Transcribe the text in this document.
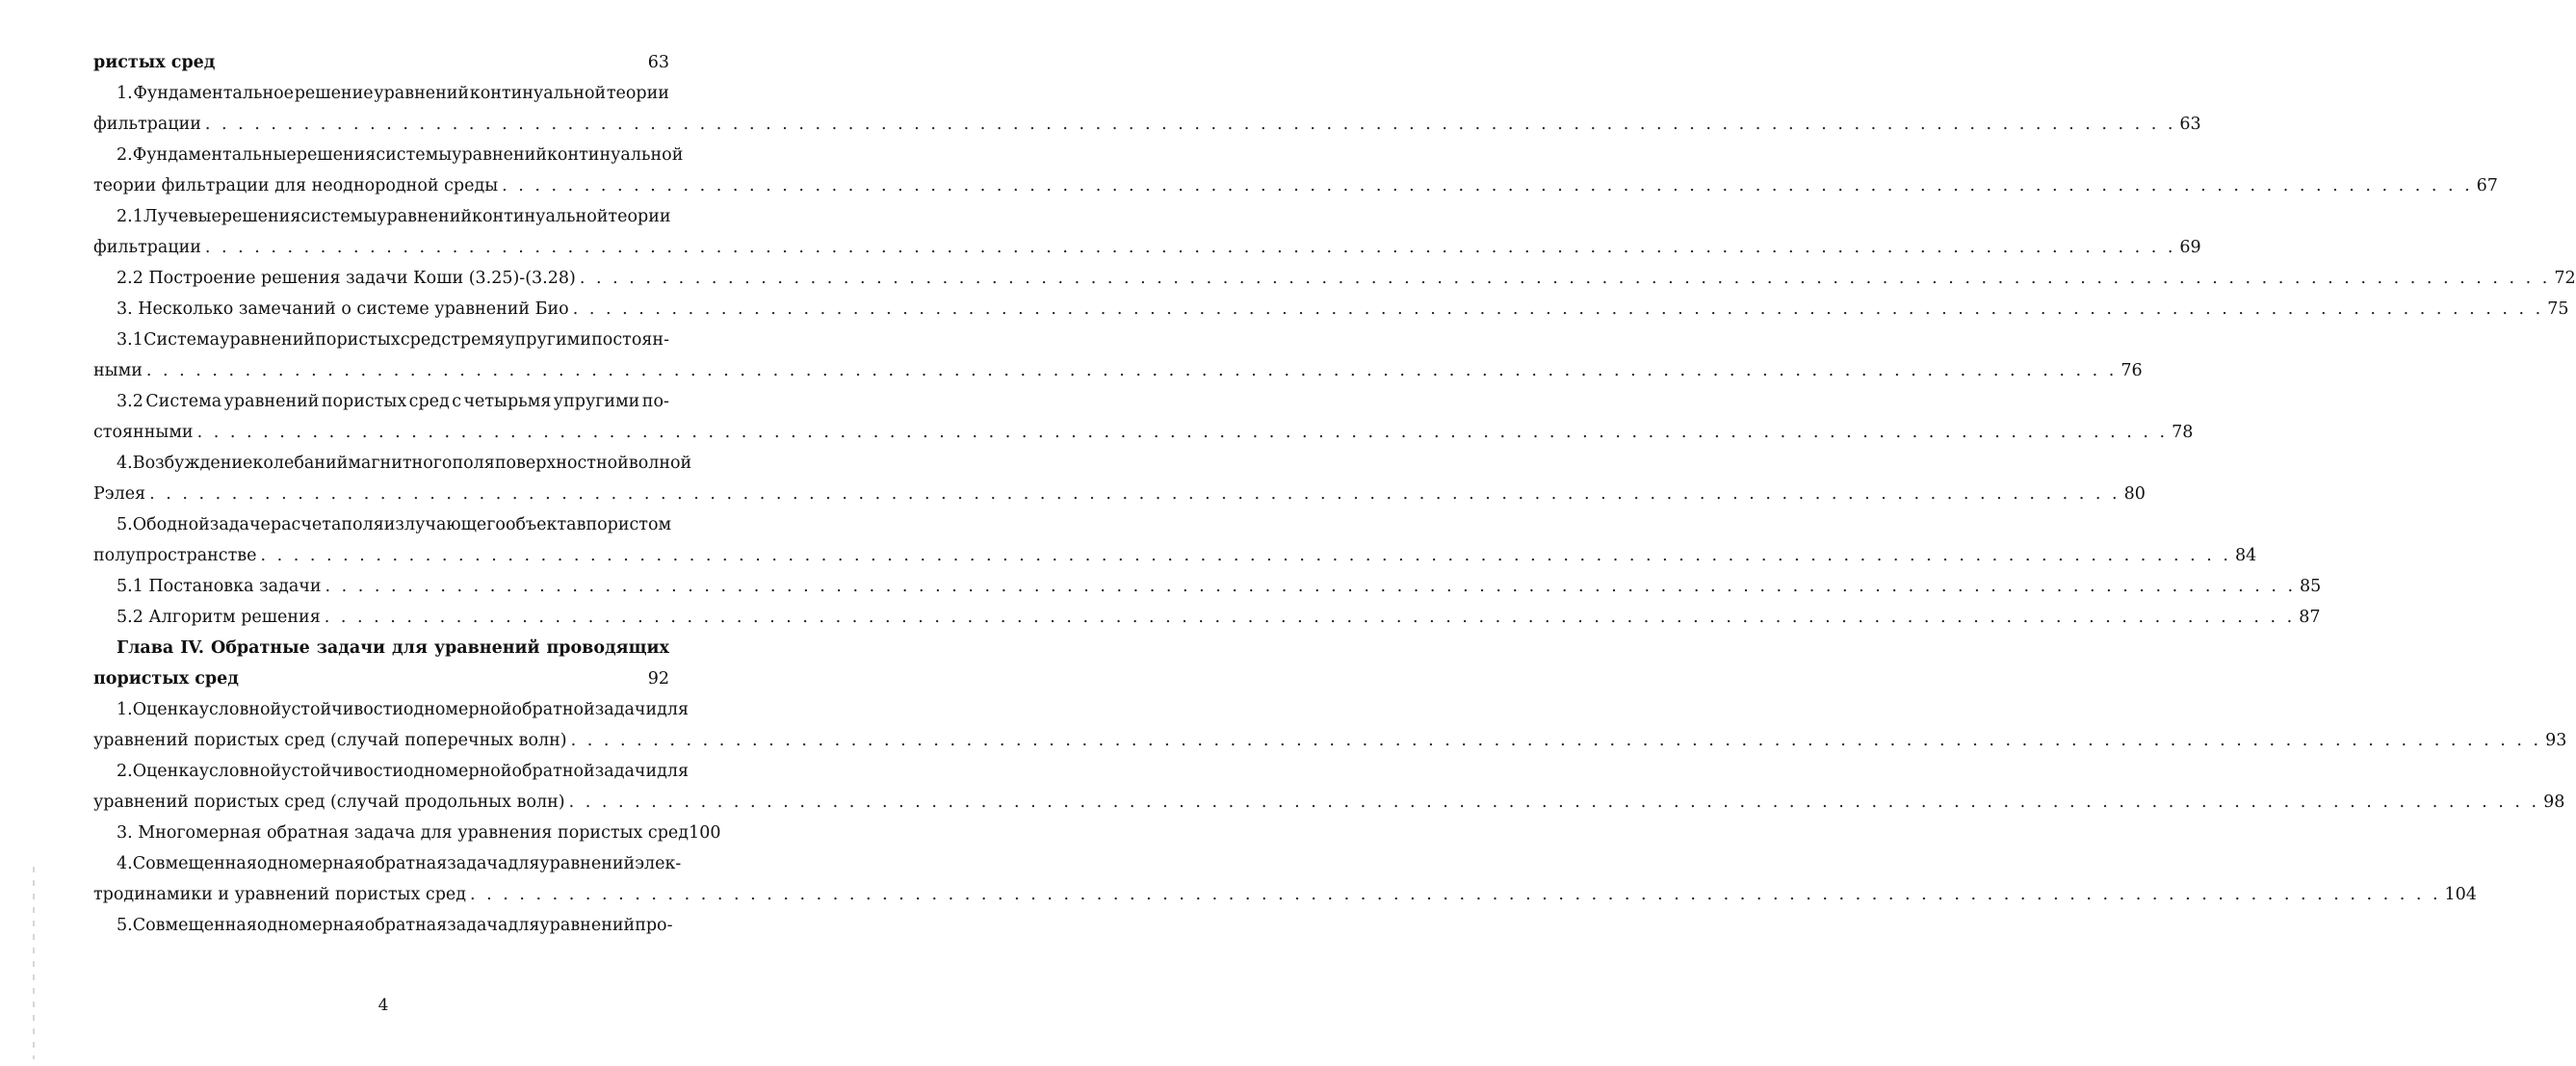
ристых сред	63
1. Фундаментальное решение уравнений континуальной теории
фильтрации . . . . . . . . . . . . . . . . . . . . . . . . . . . . . . . . . . . . . . . . . . . . . . . . . . . . . . . . . . . . . . . . . . . . . . . . . . . . . . . . . . . . . . . . . . . . . . . . . . . . . . . . . . . . . . . . . . . . . . . . 63
2. Фундаментальные решения системы уравнений континуальной
теории фильтрации для неоднородной среды . . . . . . . . . . . . . . . . . . . . . . . . . . . . . . . . . . . . . . . . . . . . . . . . . . . . . . . . . . . . . . . . . . . . . . . . . . . . . . . . . . . . . . . . . . . . . . . . . . . . . . . . . . . . . . . . . . . . . . . . 67
2.1 Лучевые решения системы уравнений континуальной теории
фильтрации . . . . . . . . . . . . . . . . . . . . . . . . . . . . . . . . . . . . . . . . . . . . . . . . . . . . . . . . . . . . . . . . . . . . . . . . . . . . . . . . . . . . . . . . . . . . . . . . . . . . . . . . . . . . . . . . . . . . . . . . 69
2.2 Построение решения задачи Коши (3.25)-(3.28) . . . . . . . . . . . . . . . . . . . . . . . . . . . . . . . . . . . . . . . . . . . . . . . . . . . . . . . . . . . . . . . . . . . . . . . . . . . . . . . . . . . . . . . . . . . . . . . . . . . . . . . . . . . . . . . . . . . . . . . . 72
3. Несколько замечаний о системе уравнений Био . . . . . . . . . . . . . . . . . . . . . . . . . . . . . . . . . . . . . . . . . . . . . . . . . . . . . . . . . . . . . . . . . . . . . . . . . . . . . . . . . . . . . . . . . . . . . . . . . . . . . . . . . . . . . . . . . . . . . . . . 75
3.1 Система уравнений пористых сред с тремя упругими постоян-
ными . . . . . . . . . . . . . . . . . . . . . . . . . . . . . . . . . . . . . . . . . . . . . . . . . . . . . . . . . . . . . . . . . . . . . . . . . . . . . . . . . . . . . . . . . . . . . . . . . . . . . . . . . . . . . . . . . . . . . . . . 76
3.2 Система уравнений пористых сред с четырьмя упругими по-
стоянными . . . . . . . . . . . . . . . . . . . . . . . . . . . . . . . . . . . . . . . . . . . . . . . . . . . . . . . . . . . . . . . . . . . . . . . . . . . . . . . . . . . . . . . . . . . . . . . . . . . . . . . . . . . . . . . . . . . . . . . . 78
4. Возбуждение колебаний магнитного поля поверхностной волной
Рэлея . . . . . . . . . . . . . . . . . . . . . . . . . . . . . . . . . . . . . . . . . . . . . . . . . . . . . . . . . . . . . . . . . . . . . . . . . . . . . . . . . . . . . . . . . . . . . . . . . . . . . . . . . . . . . . . . . . . . . . . . 80
5. Об одной задаче расчета поля излучающего объекта в пористом
полупространстве . . . . . . . . . . . . . . . . . . . . . . . . . . . . . . . . . . . . . . . . . . . . . . . . . . . . . . . . . . . . . . . . . . . . . . . . . . . . . . . . . . . . . . . . . . . . . . . . . . . . . . . . . . . . . . . . . . . . . . . . 84
5.1 Постановка задачи . . . . . . . . . . . . . . . . . . . . . . . . . . . . . . . . . . . . . . . . . . . . . . . . . . . . . . . . . . . . . . . . . . . . . . . . . . . . . . . . . . . . . . . . . . . . . . . . . . . . . . . . . . . . . . . . . . . . . . . . 85
5.2 Алгоритм решения . . . . . . . . . . . . . . . . . . . . . . . . . . . . . . . . . . . . . . . . . . . . . . . . . . . . . . . . . . . . . . . . . . . . . . . . . . . . . . . . . . . . . . . . . . . . . . . . . . . . . . . . . . . . . . . . . . . . . . . . 87
Глава IV. Обратные задачи для уравнений проводящих
пористых сред	92
1. Оценка условной устойчивости одномерной обратной задачи для
уравнений пористых сред (случай поперечных волн) . . . . . . . . . . . . . . . . . . . . . . . . . . . . . . . . . . . . . . . . . . . . . . . . . . . . . . . . . . . . . . . . . . . . . . . . . . . . . . . . . . . . . . . . . . . . . . . . . . . . . . . . . . . . . . . . . . . . . . . . 93
2. Оценка условной устойчивости одномерной обратной задачи для
уравнений пористых сред (случай продольных волн) . . . . . . . . . . . . . . . . . . . . . . . . . . . . . . . . . . . . . . . . . . . . . . . . . . . . . . . . . . . . . . . . . . . . . . . . . . . . . . . . . . . . . . . . . . . . . . . . . . . . . . . . . . . . . . . . . . . . . . . . 98
3. Многомерная обратная задача для уравнения пористых сред 100
4. Совмещенная одномерная обратная задача для уравнений элек-
тродинамики и уравнений пористых сред . . . . . . . . . . . . . . . . . . . . . . . . . . . . . . . . . . . . . . . . . . . . . . . . . . . . . . . . . . . . . . . . . . . . . . . . . . . . . . . . . . . . . . . . . . . . . . . . . . . . . . . . . . . . . . . . . . . . . . . . 104
5. Совмещенная одномерная обратная задача для уравнений про-
4
